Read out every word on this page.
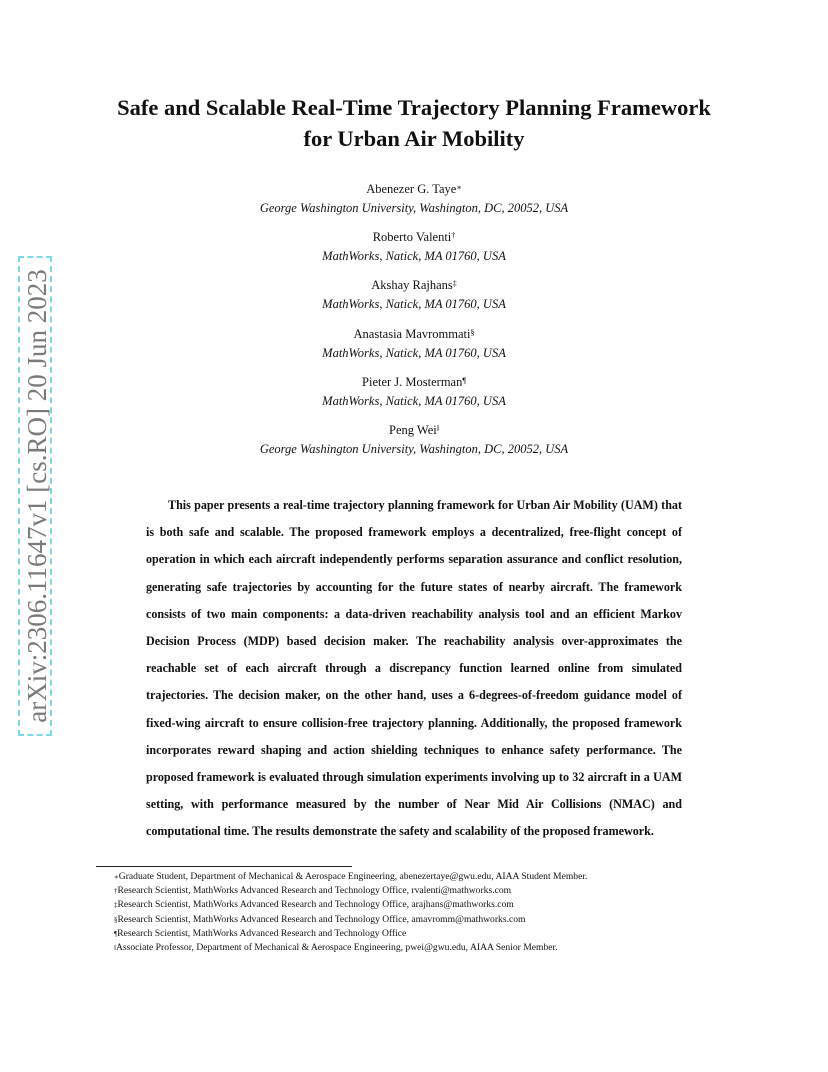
arXiv:2306.11647v1 [cs.RO] 20 Jun 2023
Safe and Scalable Real-Time Trajectory Planning Framework
for Urban Air Mobility
Abenezer G. Taye∗
George Washington University, Washington, DC, 20052, USA
Roberto Valenti†
MathWorks, Natick, MA 01760, USA
Akshay Rajhans‡
MathWorks, Natick, MA 01760, USA
Anastasia Mavrommati§
MathWorks, Natick, MA 01760, USA
Pieter J. Mosterman¶
MathWorks, Natick, MA 01760, USA
Peng Wei‖
George Washington University, Washington, DC, 20052, USA

This paper presents a real-time trajectory planning framework for Urban Air Mobility (UAM) that is both safe and scalable. The proposed framework employs a decentralized, free-flight concept of operation in which each aircraft independently performs separation assurance and conflict resolution, generating safe trajectories by accounting for the future states of nearby aircraft. The framework consists of two main components: a data-driven reachability analysis tool and an efficient Markov Decision Process (MDP) based decision maker. The reachability analysis over-approximates the reachable set of each aircraft through a discrepancy function learned online from simulated trajectories. The decision maker, on the other hand, uses a 6-degrees-of-freedom guidance model of fixed-wing aircraft to ensure collision-free trajectory planning. Additionally, the proposed framework incorporates reward shaping and action shielding techniques to enhance safety performance. The proposed framework is evaluated through simulation experiments involving up to 32 aircraft in a UAM setting, with performance measured by the number of Near Mid Air Collisions (NMAC) and computational time. The results demonstrate the safety and scalability of the proposed framework.

∗Graduate Student, Department of Mechanical & Aerospace Engineering, abenezertaye@gwu.edu, AIAA Student Member.
†Research Scientist, MathWorks Advanced Research and Technology Office, rvalenti@mathworks.com
‡Research Scientist, MathWorks Advanced Research and Technology Office, arajhans@mathworks.com
§Research Scientist, MathWorks Advanced Research and Technology Office, amavromm@mathworks.com
¶Research Scientist, MathWorks Advanced Research and Technology Office
‖Associate Professor, Department of Mechanical & Aerospace Engineering, pwei@gwu.edu, AIAA Senior Member.
